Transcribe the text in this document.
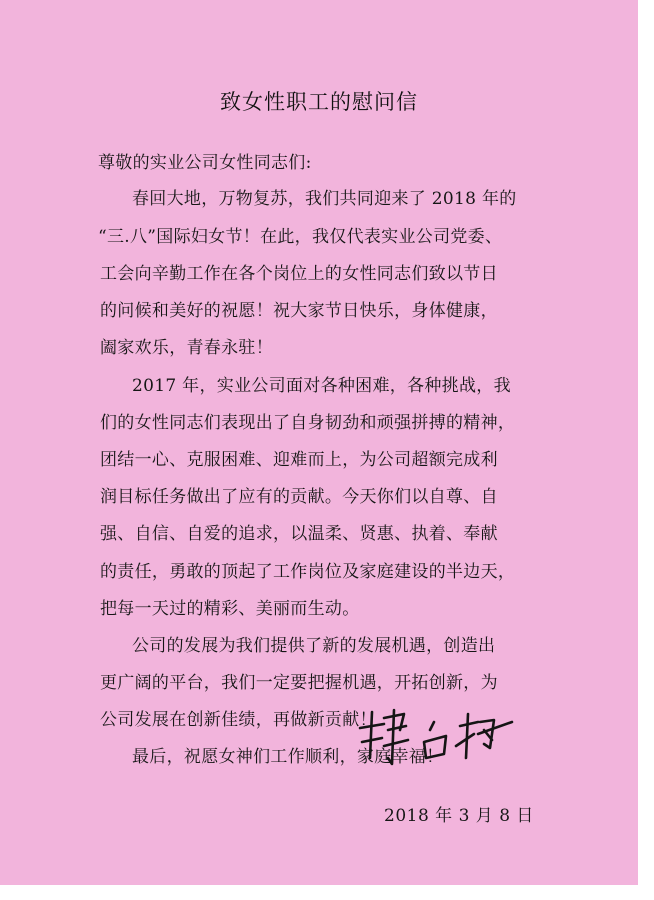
致女性职工的慰问信
尊敬的实业公司女性同志们:
春回大地，万物复苏，我们共同迎来了 2018 年的
“三.八”国际妇女节！在此，我仅代表实业公司党委、
工会向辛勤工作在各个岗位上的女性同志们致以节日
的问候和美好的祝愿！祝大家节日快乐，身体健康，
阖家欢乐，青春永驻！
2017 年，实业公司面对各种困难，各种挑战，我
们的女性同志们表现出了自身韧劲和顽强拼搏的精神，
团结一心、克服困难、迎难而上，为公司超额完成利
润目标任务做出了应有的贡献。今天你们以自尊、自
强、自信、自爱的追求，以温柔、贤惠、执着、奉献
的责任，勇敢的顶起了工作岗位及家庭建设的半边天，
把每一天过的精彩、美丽而生动。
公司的发展为我们提供了新的发展机遇，创造出
更广阔的平台，我们一定要把握机遇，开拓创新，为
公司发展在创新佳绩，再做新贡献！
最后，祝愿女神们工作顺利，家庭幸福！
2018 年 3 月 8 日
